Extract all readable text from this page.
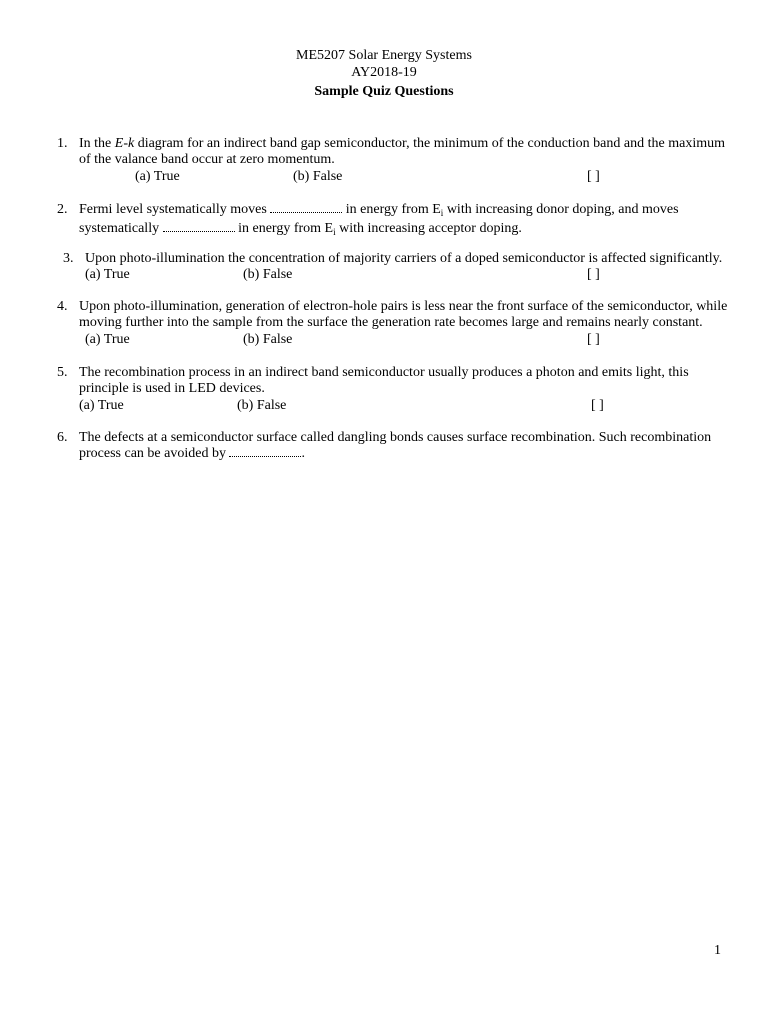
ME5207 Solar Energy Systems
AY2018-19
Sample Quiz Questions
1. In the E-k diagram for an indirect band gap semiconductor, the minimum of the conduction band and the maximum
of the valance band occur at zero momentum.
(a) True	(b) False	[ ]
2. Fermi level systematically moves	in energy from $E_i$ with increasing donor doping, and moves
systematically	in energy from $E_i$ with increasing acceptor doping.
3. Upon photo-illumination the concentration of majority carriers of a doped semiconductor is affected significantly.
(a) True	(b) False	[ ]
4. Upon photo-illumination, generation of electron-hole pairs is less near the front surface of the semiconductor, while
moving further into the sample from the surface the generation rate becomes large and remains nearly constant.
(a) True	(b) False	[ ]
5. The recombination process in an indirect band semiconductor usually produces a photon and emits light, this
principle is used in LED devices.
(a) True	(b) False	[ ]
6. The defects at a semiconductor surface called dangling bonds causes surface recombination. Such recombination
process can be avoided by	.
1
